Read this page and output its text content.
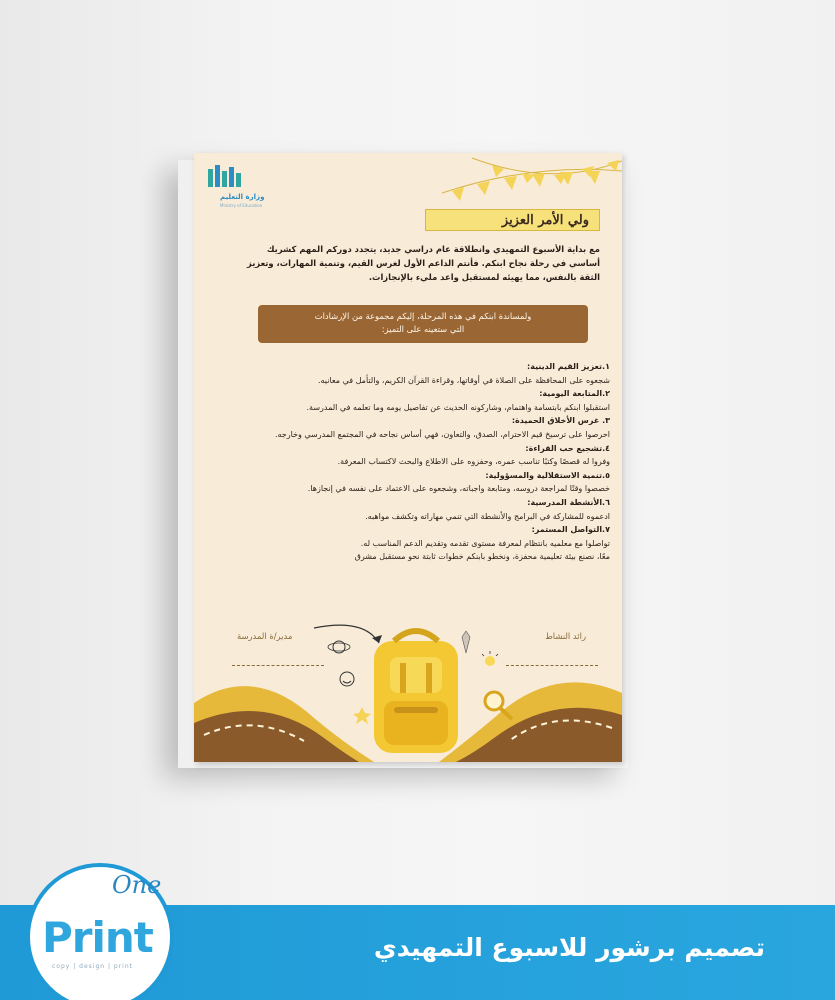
وزارة التعليم
Ministry of Education
ولي الأمر العزيز
مع بداية الأسبوع التمهيدي وانطلاقة عام دراسي جديد، يتجدد دوركم المهم كشريك أساسي في رحلة نجاح ابنكم. فأنتم الداعم الأول لغرس القيم، وتنمية المهارات، وتعزيز الثقة بالنفس، مما يهيئه لمستقبل واعد مليء بالإنجازات.
ولمساندة ابنكم في هذه المرحلة، إليكم مجموعة من الإرشادات
التي ستعينه على التميز:
١.تعزيز القيم الدينية:
شجعوه على المحافظة على الصلاة في أوقاتها، وقراءة القرآن الكريم، والتأمل في معانيه.
٢.المتابعة اليومية:
استقبلوا ابنكم بابتسامة واهتمام، وشاركونه الحديث عن تفاصيل يومه وما تعلمه في المدرسة.
٣. غرس الأخلاق الحميدة:
احرصوا على ترسيخ قيم الاحترام، الصدق، والتعاون، فهي أساس نجاحه في المجتمع المدرسي وخارجه.
٤.تشجيع حب القراءة:
وفروا له قصصًا وكتبًا تناسب عمره، وحفزوه على الاطلاع والبحث لاكتساب المعرفة.
٥.تنمية الاستقلالية والمسؤولية:
خصصوا وقتًا لمراجعة دروسه، ومتابعة واجباته، وشجعوه على الاعتماد على نفسه في إنجازها.
٦.الأنشطة المدرسية:
ادعموه للمشاركة في البرامج والأنشطة التي تنمي مهاراته وتكشف مواهبه.
٧.التواصل المستمر:
تواصلوا مع معلميه بانتظام لمعرفة مستوى تقدمه وتقديم الدعم المناسب له.
معًا، نصنع بيئة تعليمية محفزة، ونخطو بابنكم خطوات ثابتة نحو مستقبل مشرق
رائد النشاط
مدير/ة المدرسة
تصميم برشور للاسبوع التمهيدي
One
Print
copy | design | print
